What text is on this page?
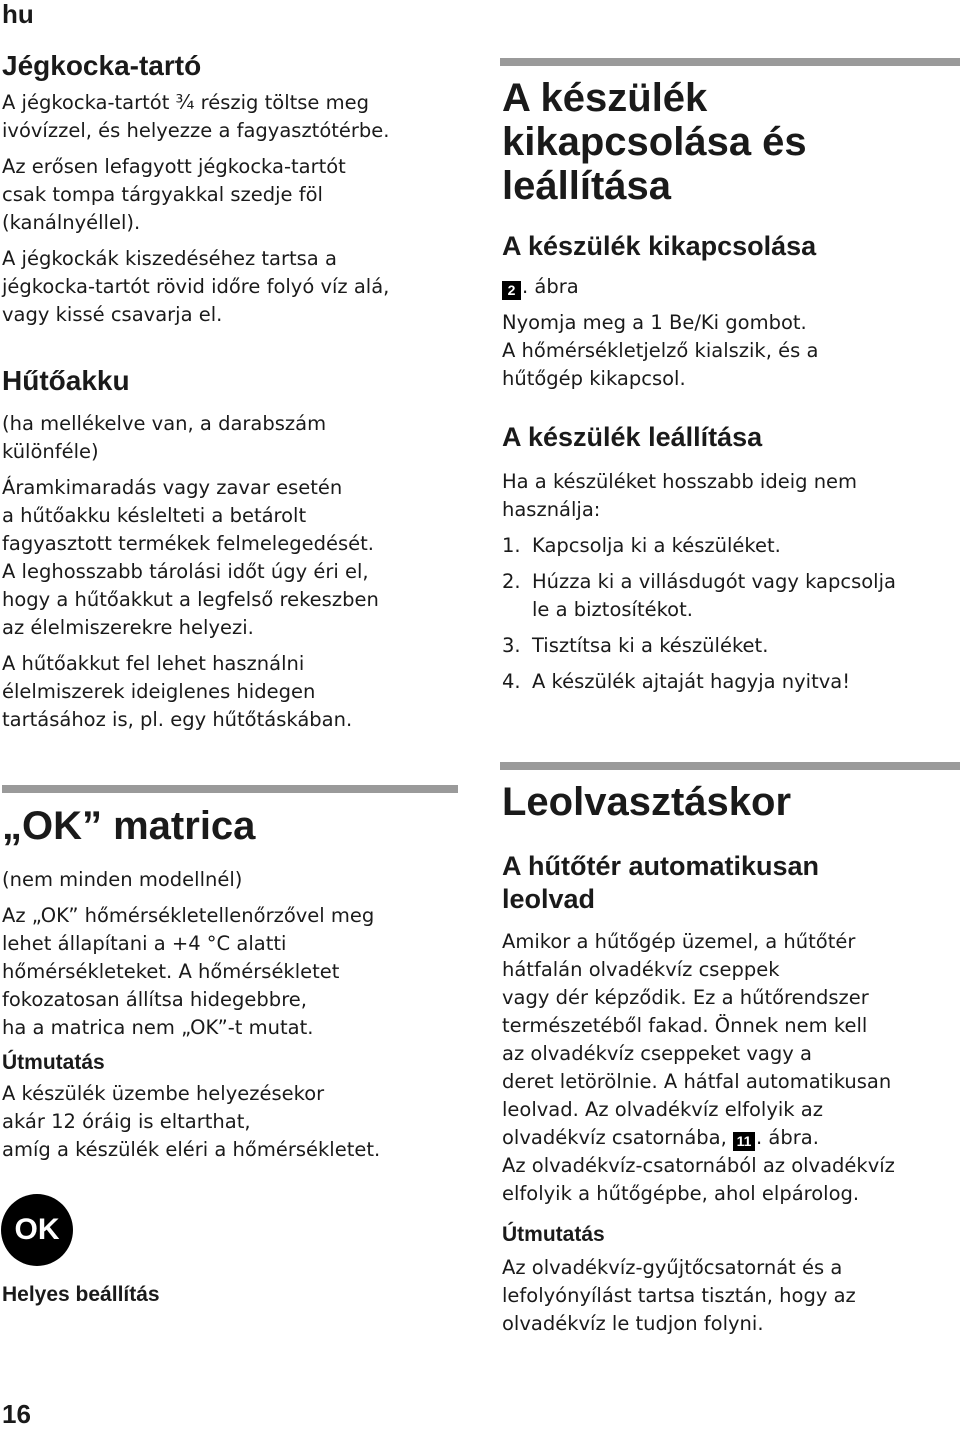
hu
16
Jégkocka-tartó

A jégkocka-tartót ¾ részig töltse meg
ivóvízzel, és helyezze a fagyasztótérbe.

Az erősen lefagyott jégkocka-tartót
csak tompa tárgyakkal szedje föl
(kanálnyéllel).

A jégkockák kiszedéséhez tartsa a
jégkocka-tartót rövid időre folyó víz alá,
vagy kissé csavarja el.

Hűtőakku

(ha mellékelve van, a darabszám
különféle)

Áramkimaradás vagy zavar esetén
a hűtőakku késlelteti a betárolt
fagyasztott termékek felmelegedését.
A leghosszabb tárolási időt úgy éri el,
hogy a hűtőakkut a legfelső rekeszben
az élelmiszerekre helyezi.

A hűtőakkut fel lehet használni
élelmiszerek ideiglenes hidegen
tartásához is, pl. egy hűtőtáskában.

„OK” matrica

(nem minden modellnél)

Az „OK” hőmérsékletellenőrzővel meg
lehet állapítani a +4 °C alatti
hőmérsékleteket. A hőmérsékletet
fokozatosan állítsa hidegebbre,
ha a matrica nem „OK”-t mutat.

Útmutatás

A készülék üzembe helyezésekor
akár 12 óráig is eltarthat,
amíg a készülék eléri a hőmérsékletet.

OK
Helyes beállítás
A készülék
kikapcsolása és
leállítása
A készülék kikapcsolása

2 . ábra

Nyomja meg a 1 Be/Ki gombot.
A hőmérsékletjelző kialszik, és a
hűtőgép kikapcsol.

A készülék leállítása

Ha a készüléket hosszabb ideig nem
használja:

1. Kapcsolja ki a készüléket.
2. Húzza ki a villásdugót vagy kapcsolja
le a biztosítékot.
3. Tisztítsa ki a készüléket.
4. A készülék ajtaját hagyja nyitva!
Leolvasztáskor
A hűtőtér automatikusan
leolvad

Amikor a hűtőgép üzemel, a hűtőtér
hátfalán olvadékvíz cseppek
vagy dér képződik. Ez a hűtőrendszer
természetéből fakad. Önnek nem kell
az olvadékvíz cseppeket vagy a
deret letörölnie. A hátfal automatikusan
leolvad. Az olvadékvíz elfolyik az
olvadékvíz csatornába, 11 . ábra.

Az olvadékvíz-csatornából az olvadékvíz
elfolyik a hűtőgépbe, ahol elpárolog.

Útmutatás

Az olvadékvíz-gyűjtőcsatornát és a
lefolyónyílást tartsa tisztán, hogy az
olvadékvíz le tudjon folyni.
